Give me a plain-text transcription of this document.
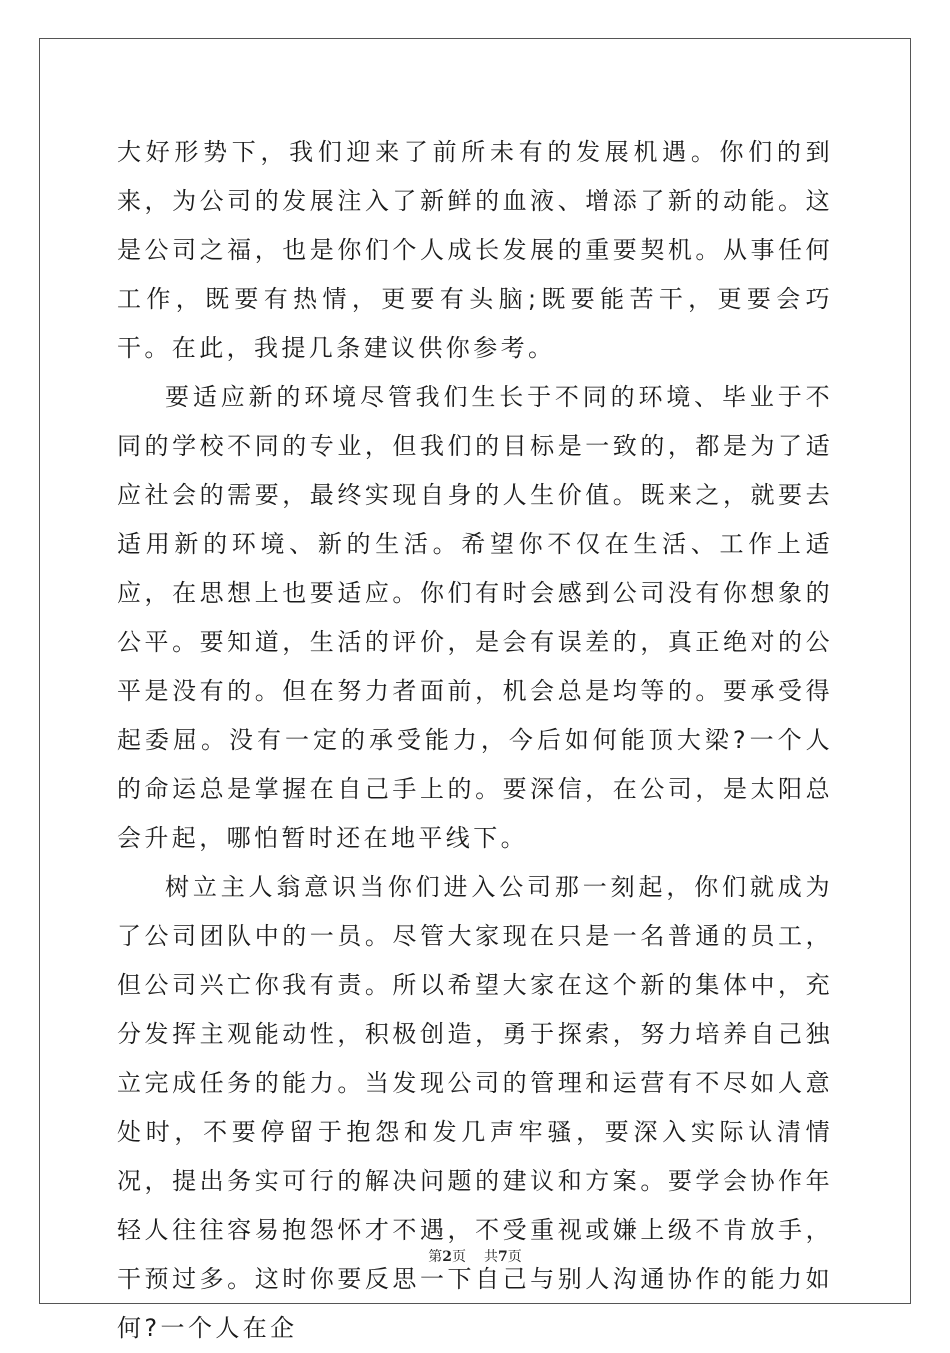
大好形势下，我们迎来了前所未有的发展机遇。你们的到来，为公司的发展注入了新鲜的血液、增添了新的动能。这是公司之福，也是你们个人成长发展的重要契机。从事任何工作，既要有热情，更要有头脑;既要能苦干，更要会巧干。在此，我提几条建议供你参考。

要适应新的环境尽管我们生长于不同的环境、毕业于不同的学校不同的专业，但我们的目标是一致的，都是为了适应社会的需要，最终实现自身的人生价值。既来之，就要去适用新的环境、新的生活。希望你不仅在生活、工作上适应，在思想上也要适应。你们有时会感到公司没有你想象的公平。要知道，生活的评价，是会有误差的，真正绝对的公平是没有的。但在努力者面前，机会总是均等的。要承受得起委屈。没有一定的承受能力，今后如何能顶大梁?一个人的命运总是掌握在自己手上的。要深信，在公司，是太阳总会升起，哪怕暂时还在地平线下。

树立主人翁意识当你们进入公司那一刻起，你们就成为了公司团队中的一员。尽管大家现在只是一名普通的员工，但公司兴亡你我有责。所以希望大家在这个新的集体中，充分发挥主观能动性，积极创造，勇于探索，努力培养自己独立完成任务的能力。当发现公司的管理和运营有不尽如人意处时，不要停留于抱怨和发几声牢骚，要深入实际认清情况，提出务实可行的解决问题的建议和方案。要学会协作年轻人往往容易抱怨怀才不遇，不受重视或嫌上级不肯放手，干预过多。这时你要反思一下自己与别人沟通协作的能力如何?一个人在企

第2页 共7页
